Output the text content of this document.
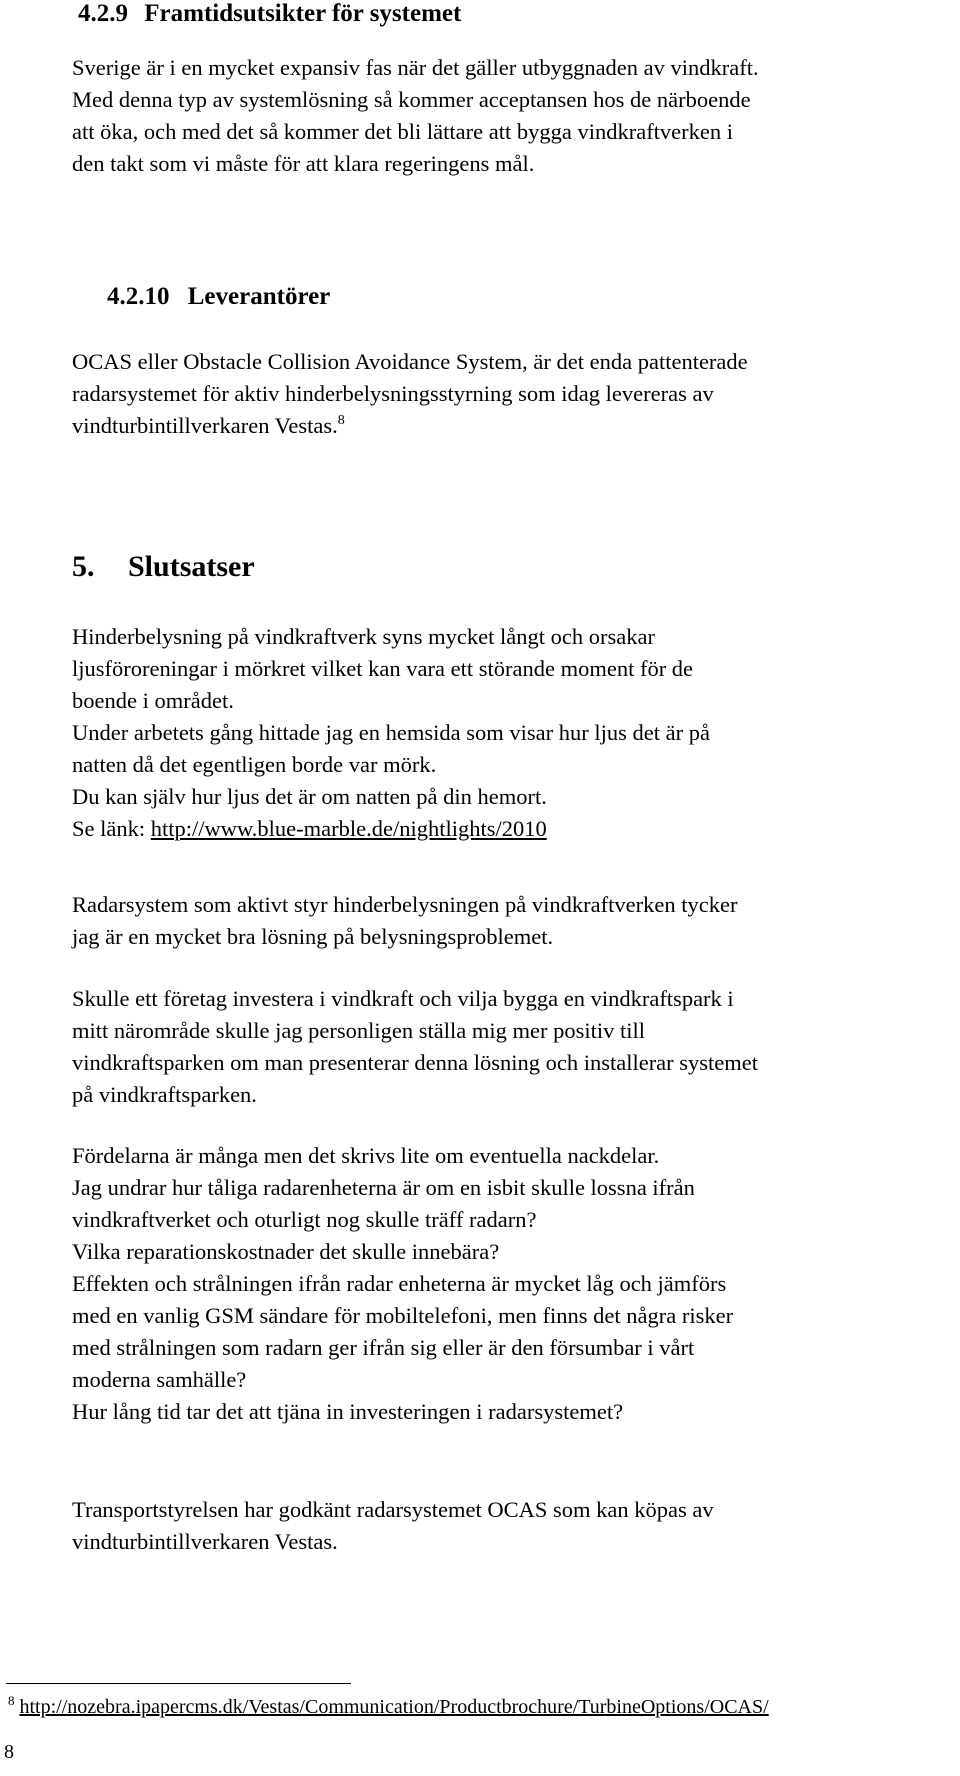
4.2.9 Framtidsutsikter för systemet
Sverige är i en mycket expansiv fas när det gäller utbyggnaden av vindkraft.
Med denna typ av systemlösning så kommer acceptansen hos de närboende
att öka, och med det så kommer det bli lättare att bygga vindkraftverken i
den takt som vi måste för att klara regeringens mål.
4.2.10 Leverantörer
OCAS eller Obstacle Collision Avoidance System, är det enda pattenterade
radarsystemet för aktiv hinderbelysningsstyrning som idag levereras av
vindturbintillverkaren Vestas.$^8$
5. Slutsatser
Hinderbelysning på vindkraftverk syns mycket långt och orsakar
ljusföroreningar i mörkret vilket kan vara ett störande moment för de
boende i området.
Under arbetets gång hittade jag en hemsida som visar hur ljus det är på
natten då det egentligen borde var mörk.
Du kan själv hur ljus det är om natten på din hemort.
Se länk: http://www.blue-marble.de/nightlights/2010
Radarsystem som aktivt styr hinderbelysningen på vindkraftverken tycker
jag är en mycket bra lösning på belysningsproblemet.
Skulle ett företag investera i vindkraft och vilja bygga en vindkraftspark i
mitt närområde skulle jag personligen ställa mig mer positiv till
vindkraftsparken om man presenterar denna lösning och installerar systemet
på vindkraftsparken.
Fördelarna är många men det skrivs lite om eventuella nackdelar.
Jag undrar hur tåliga radarenheterna är om en isbit skulle lossna ifrån
vindkraftverket och oturligt nog skulle träff radarn?
Vilka reparationskostnader det skulle innebära?
Effekten och strålningen ifrån radar enheterna är mycket låg och jämförs
med en vanlig GSM sändare för mobiltelefoni, men finns det några risker
med strålningen som radarn ger ifrån sig eller är den försumbar i vårt
moderna samhälle?
Hur lång tid tar det att tjäna in investeringen i radarsystemet?
Transportstyrelsen har godkänt radarsystemet OCAS som kan köpas av
vindturbintillverkaren Vestas.
$^8$ http://nozebra.ipapercms.dk/Vestas/Communication/Productbrochure/TurbineOptions/OCAS/
8
